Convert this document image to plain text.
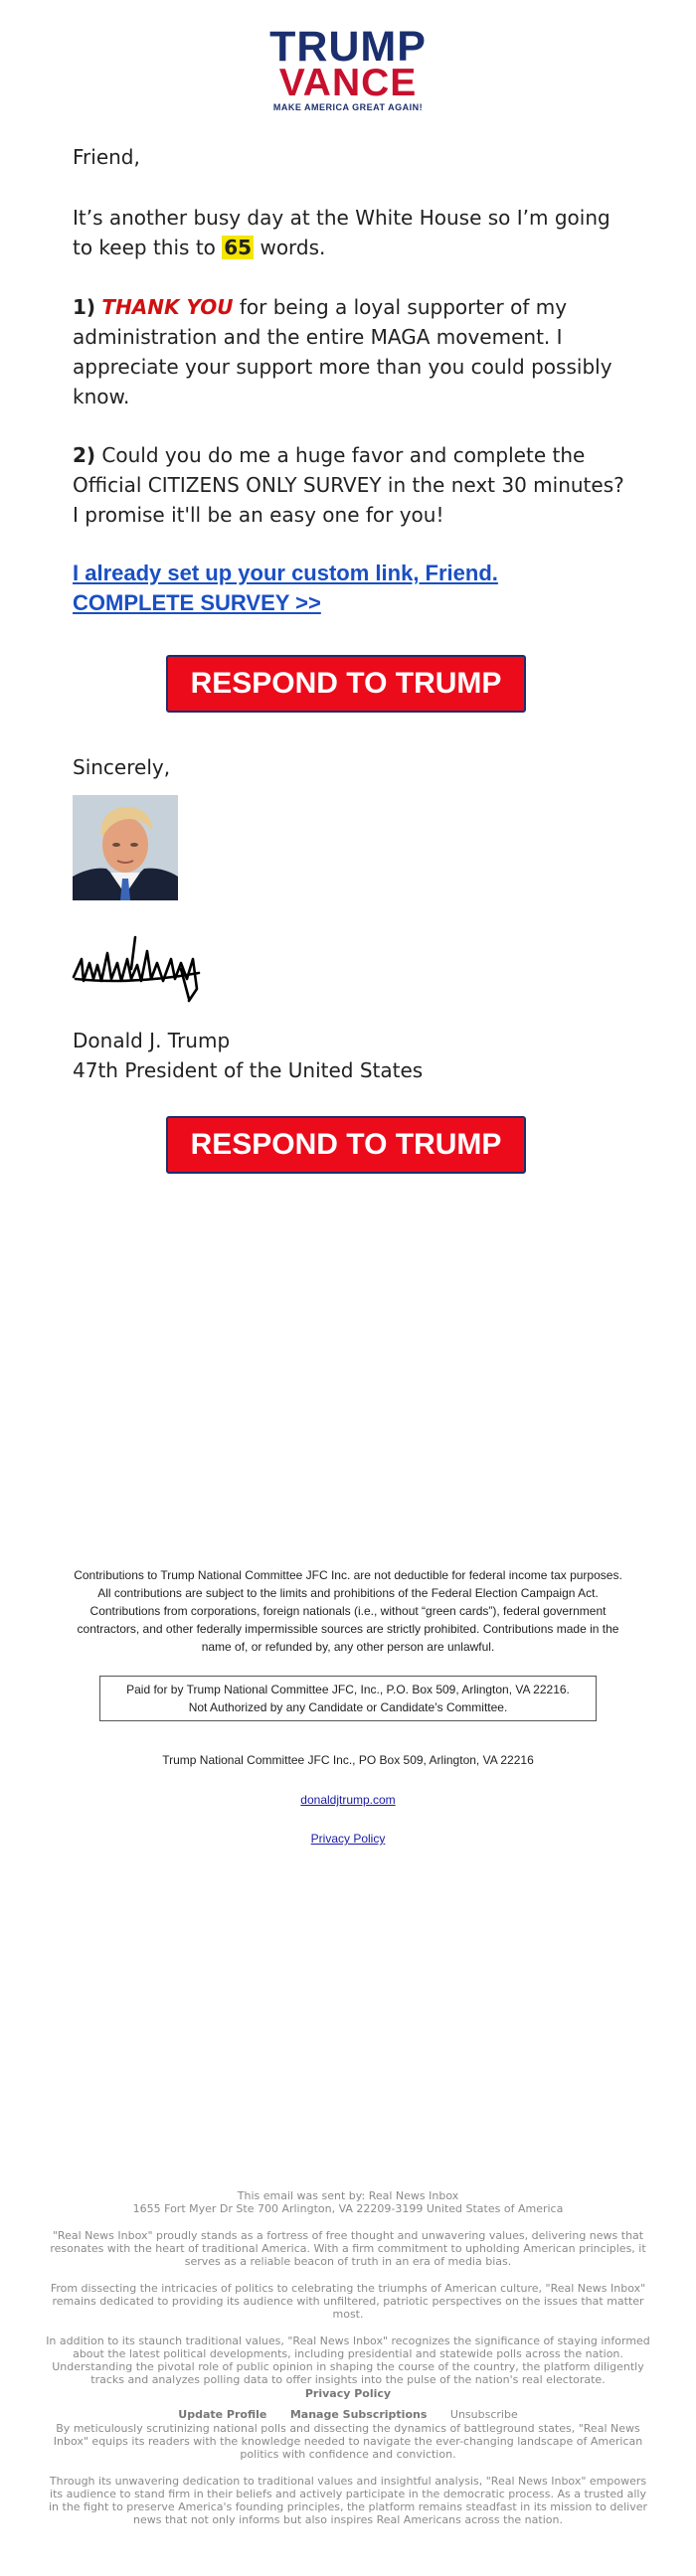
TRUMP
VANCE
MAKE AMERICA GREAT AGAIN!

Friend,

It’s another busy day at the White House so I’m going to keep this to 65 words.

1) THANK YOU for being a loyal supporter of my administration and the entire MAGA movement. I appreciate your support more than you could possibly know.

2) Could you do me a huge favor and complete the Official CITIZENS ONLY SURVEY in the next 30 minutes? I promise it'll be an easy one for you!

I already set up your custom link, Friend.
COMPLETE SURVEY >>
RESPOND TO TRUMP

Sincerely,

Donald J. Trump

47th President of the United States

RESPOND TO TRUMP

Contributions to Trump National Committee JFC Inc. are not deductible for federal income tax purposes. All contributions are subject to the limits and prohibitions of the Federal Election Campaign Act. Contributions from corporations, foreign nationals (i.e., without “green cards”), federal government contractors, and other federally impermissible sources are strictly prohibited. Contributions made in the name of, or refunded by, any other person are unlawful.

Paid for by Trump National Committee JFC, Inc., P.O. Box 509, Arlington, VA 22216.
Not Authorized by any Candidate or Candidate’s Committee.
Trump National Committee JFC Inc., PO Box 509, Arlington, VA 22216
donaldjtrump.com
Privacy Policy

This email was sent by: Real News Inbox

1655 Fort Myer Dr Ste 700 Arlington, VA 22209-3199 United States of America

"Real News Inbox" proudly stands as a fortress of free thought and unwavering values, delivering news that resonates with the heart of traditional America. With a firm commitment to upholding American principles, it serves as a reliable beacon of truth in an era of media bias.

From dissecting the intricacies of politics to celebrating the triumphs of American culture, "Real News Inbox" remains dedicated to providing its audience with unfiltered, patriotic perspectives on the issues that matter most.

In addition to its staunch traditional values, "Real News Inbox" recognizes the significance of staying informed about the latest political developments, including presidential and statewide polls across the nation. Understanding the pivotal role of public opinion in shaping the course of the country, the platform diligently tracks and analyzes polling data to offer insights into the pulse of the nation's real electorate.

Privacy Policy

Update Profile Manage Subscriptions Unsubscribe

By meticulously scrutinizing national polls and dissecting the dynamics of battleground states, "Real News Inbox" equips its readers with the knowledge needed to navigate the ever-changing landscape of American politics with confidence and conviction.

Through its unwavering dedication to traditional values and insightful analysis, "Real News Inbox" empowers its audience to stand firm in their beliefs and actively participate in the democratic process. As a trusted ally in the fight to preserve America's founding principles, the platform remains steadfast in its mission to deliver news that not only informs but also inspires Real Americans across the nation.
